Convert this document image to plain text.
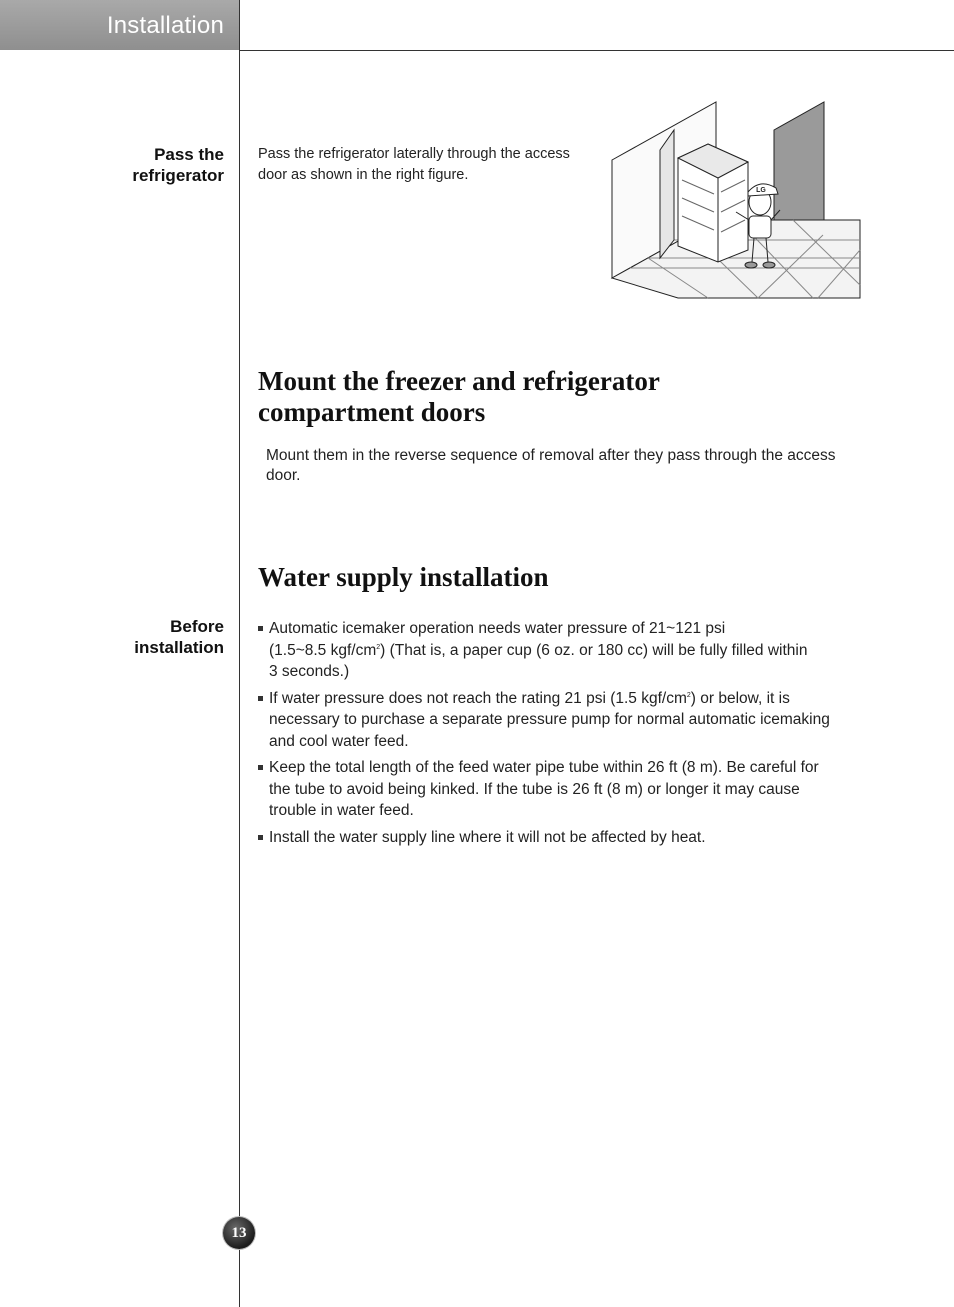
Installation
Pass the
refrigerator
Pass the refrigerator laterally through the access
door as shown in the right figure.
LG
Mount the freezer and refrigerator
compartment doors
Mount them in the reverse sequence of removal after they pass through the access
door.
Water supply installation
Before
installation
Automatic icemaker operation needs water pressure of 21~121 psi
(1.5~8.5 kgf/$cm^2$) (That is, a paper cup (6 oz. or 180 cc) will be fully filled within
3 seconds.)
If water pressure does not reach the rating 21 psi (1.5 kgf/$cm^2$) or below, it is
necessary to purchase a separate pressure pump for normal automatic icemaking
and cool water feed.
Keep the total length of the feed water pipe tube within 26 ft (8 m). Be careful for
the tube to avoid being kinked. If the tube is 26 ft (8 m) or longer it may cause
trouble in water feed.
Install the water supply line where it will not be affected by heat.
13
